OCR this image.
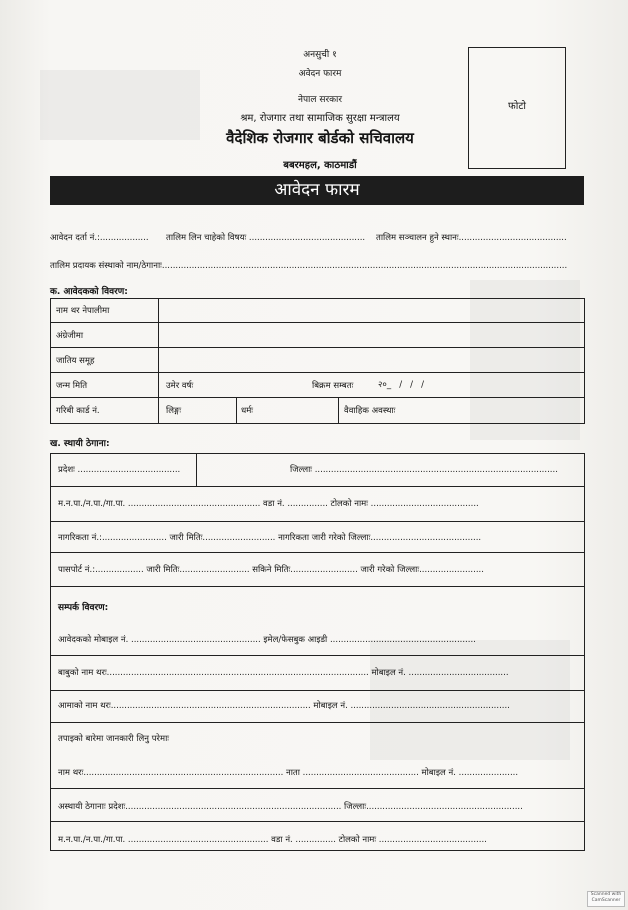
अनसुची १
अवेदन फारम
नेपाल सरकार
श्रम, रोजगार तथा सामाजिक सुरक्षा मन्त्रालय
वैदेशिक रोजगार बोर्डको सचिवालय
बबरमहल, काठमाडौं
फोटो
आवेदन फारम
आवेदन दर्ता नं.:.................. तालिम लिन चाहेको विषयः ........................................... तालिम सञ्चालन हुने स्थानः........................................
तालिम प्रदायक संस्थाको नाम/ठेगानाः......................................................................................................................................................
क. आवेदकको विवरण:
नाम थर नेपालीमा
अंग्रेजीमा
जातिय समूह
जन्म मिति	उमेर वर्षः	बिक्रम सम्बतः	२०_   /   /   /
गरिबी कार्ड नं.	लिङ्गः	धर्मः	वैवाहिक अवस्थाः
ख. स्थायी ठेगाना:
प्रदेशः ......................................	जिल्लाः ..........................................................................................
म.न.पा./न.पा./गा.पा. ................................................. वडा नं. ............... टोलको नामः ........................................
नागरिकता नं.:........................ जारी मितिः........................... नागरिकता जारी गरेको जिल्लाः.........................................
पासपोर्ट नं.:.................. जारी मितिः.......................... सकिने मितिः......................... जारी गरेको जिल्लाः........................
सम्पर्क विवरण:
आवेदकको मोबाइल नं. ................................................ इमेल/फेसबुक आइडी ......................................................
बाबुको नाम थरः................................................................................................. मोबाइल नं. .....................................
आमाको नाम थरः.......................................................................... मोबाइल नं. ...........................................................
तपाइको बारेमा जानकारी लिनु परेमाः
नाम थरः.......................................................................... नाता ........................................... मोबाइल नं. ......................
अस्थायी ठेगानाः प्रदेशः................................................................................ जिल्लाः..........................................................
म.न.पा./न.पा./गा.पा. .................................................... वडा नं. ............... टोलको नामः ........................................
Scanned with CamScanner
